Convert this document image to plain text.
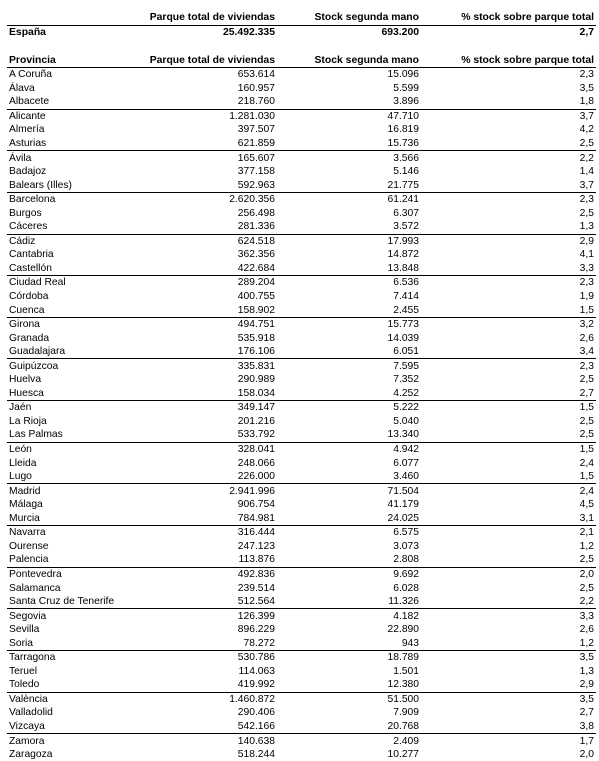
	Parque total de viviendas	Stock segunda mano	% stock sobre parque total
España	25.492.335	693.200	2,7
Provincia	Parque total de viviendas	Stock segunda mano	% stock sobre parque total
A Coruña	653.614	15.096	2,3
Álava	160.957	5.599	3,5
Albacete	218.760	3.896	1,8
Alicante	1.281.030	47.710	3,7
Almería	397.507	16.819	4,2
Asturias	621.859	15.736	2,5
Ávila	165.607	3.566	2,2
Badajoz	377.158	5.146	1,4
Balears (Illes)	592.963	21.775	3,7
Barcelona	2.620.356	61.241	2,3
Burgos	256.498	6.307	2,5
Cáceres	281.336	3.572	1,3
Cádiz	624.518	17.993	2,9
Cantabria	362.356	14.872	4,1
Castellón	422.684	13.848	3,3
Ciudad Real	289.204	6.536	2,3
Córdoba	400.755	7.414	1,9
Cuenca	158.902	2.455	1,5
Girona	494.751	15.773	3,2
Granada	535.918	14.039	2,6
Guadalajara	176.106	6.051	3,4
Guipúzcoa	335.831	7.595	2,3
Huelva	290.989	7.352	2,5
Huesca	158.034	4.252	2,7
Jaén	349.147	5.222	1,5
La Rioja	201.216	5.040	2,5
Las Palmas	533.792	13.340	2,5
León	328.041	4.942	1,5
Lleida	248.066	6.077	2,4
Lugo	226.000	3.460	1,5
Madrid	2.941.996	71.504	2,4
Málaga	906.754	41.179	4,5
Murcia	784.981	24.025	3,1
Navarra	316.444	6.575	2,1
Ourense	247.123	3.073	1,2
Palencia	113.876	2.808	2,5
Pontevedra	492.836	9.692	2,0
Salamanca	239.514	6.028	2,5
Santa Cruz de Tenerife	512.564	11.326	2,2
Segovia	126.399	4.182	3,3
Sevilla	896.229	22.890	2,6
Soria	78.272	943	1,2
Tarragona	530.786	18.789	3,5
Teruel	114.063	1.501	1,3
Toledo	419.992	12.380	2,9
València	1.460.872	51.500	3,5
Valladolid	290.406	7.909	2,7
Vizcaya	542.166	20.768	3,8
Zamora	140.638	2.409	1,7
Zaragoza	518.244	10.277	2,0
